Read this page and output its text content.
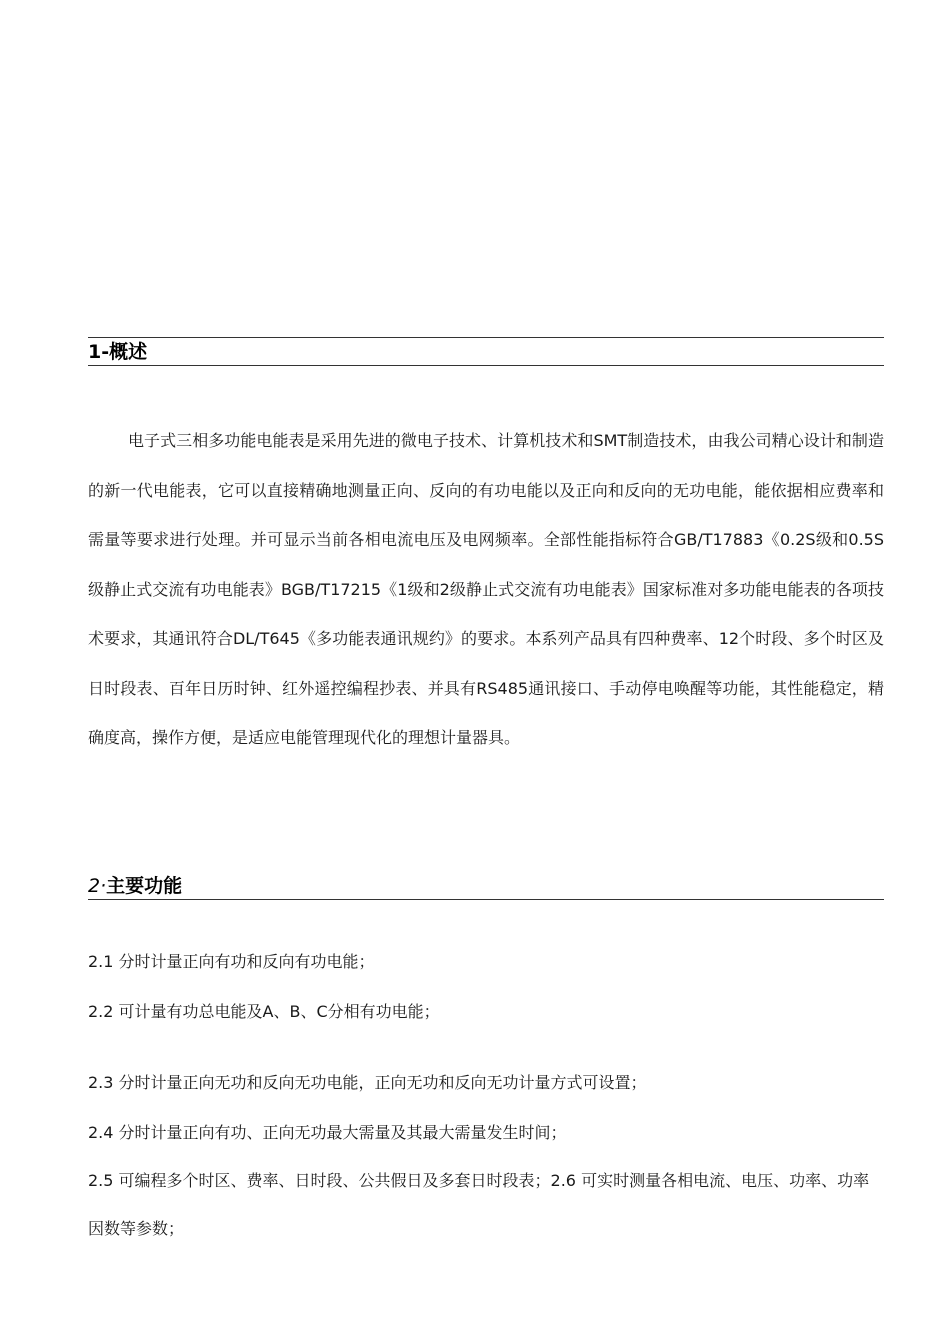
1-概述

电子式三相多功能电能表是采用先进的微电子技术、计算机技术和SMT制造技术，由我公司精心设计和制造的新一代电能表，它可以直接精确地测量正向、反向的有功电能以及正向和反向的无功电能，能依据相应费率和需量等要求进行处理。并可显示当前各相电流电压及电网频率。全部性能指标符合GB/T17883《0.2S级和0.5S级静止式交流有功电能表》BGB/T17215《1级和2级静止式交流有功电能表》国家标准对多功能电能表的各项技术要求，其通讯符合DL/T645《多功能表通讯规约》的要求。本系列产品具有四种费率、12个时段、多个时区及日时段表、百年日历时钟、红外遥控编程抄表、并具有RS485通讯接口、手动停电唤醒等功能，其性能稳定，精确度高，操作方便，是适应电能管理现代化的理想计量器具。

2·主要功能
2.1 分时计量正向有功和反向有功电能；
2.2 可计量有功总电能及A、B、C分相有功电能；
2.3 分时计量正向无功和反向无功电能，正向无功和反向无功计量方式可设置；
2.4 分时计量正向有功、正向无功最大需量及其最大需量发生时间；
2.5 可编程多个时区、费率、日时段、公共假日及多套日时段表；2.6 可实时测量各相电流、电压、功率、功率因数等参数；
